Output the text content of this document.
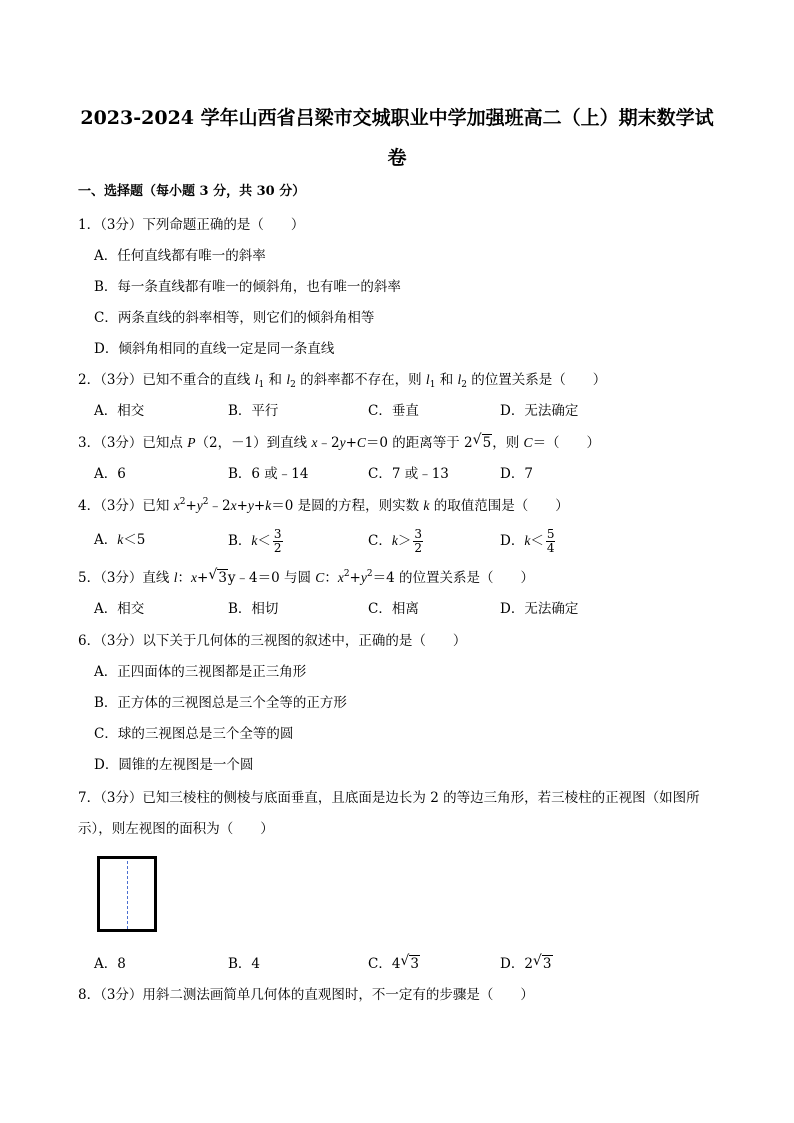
2023-2024 学年山西省吕梁市交城职业中学加强班高二（上）期末数学试
卷
一、选择题（每小题 3 分，共 30 分）
1．（3分）下列命题正确的是（　　）
A．任何直线都有唯一的斜率
B．每一条直线都有唯一的倾斜角，也有唯一的斜率
C．两条直线的斜率相等，则它们的倾斜角相等
D．倾斜角相同的直线一定是同一条直线
2．（3分）已知不重合的直线 $l_1$ 和 $l_2$ 的斜率都不存在，则 $l_1$ 和 $l_2$ 的位置关系是（　　）
A．相交	B．平行	C．垂直	D．无法确定
3．（3分）已知点 P（2，－1）到直线 x﹣2y+C＝0 的距离等于 2 √ 5，则 C＝（　　）
A．6	B．6 或﹣14	C．7 或﹣13	D．7
4．（3分）已知 $x^2+y^2﹣2x+y+k=0$ 是圆的方程，则实数 k 的取值范围是（　　）
A．k＜5	B．$k< \frac{3}{2}$	C．$k> \frac{3}{2}$	D．$k< \frac{5}{4}$
5．（3分）直线 l：x+ √ 3y﹣4＝0 与圆 C：$x^2+y^2=4$ 的位置关系是（　　）
A．相交	B．相切	C．相离	D．无法确定
6．（3分）以下关于几何体的三视图的叙述中，正确的是（　　）
A．正四面体的三视图都是正三角形
B．正方体的三视图总是三个全等的正方形
C．球的三视图总是三个全等的圆
D．圆锥的左视图是一个圆
7．（3分）已知三棱柱的侧棱与底面垂直，且底面是边长为 2 的等边三角形，若三棱柱的正视图（如图所
示），则左视图的面积为（　　）
A．8	B．4	C．4 √ 3	D．2 √ 3
8．（3分）用斜二测法画简单几何体的直观图时，不一定有的步骤是（　　）
